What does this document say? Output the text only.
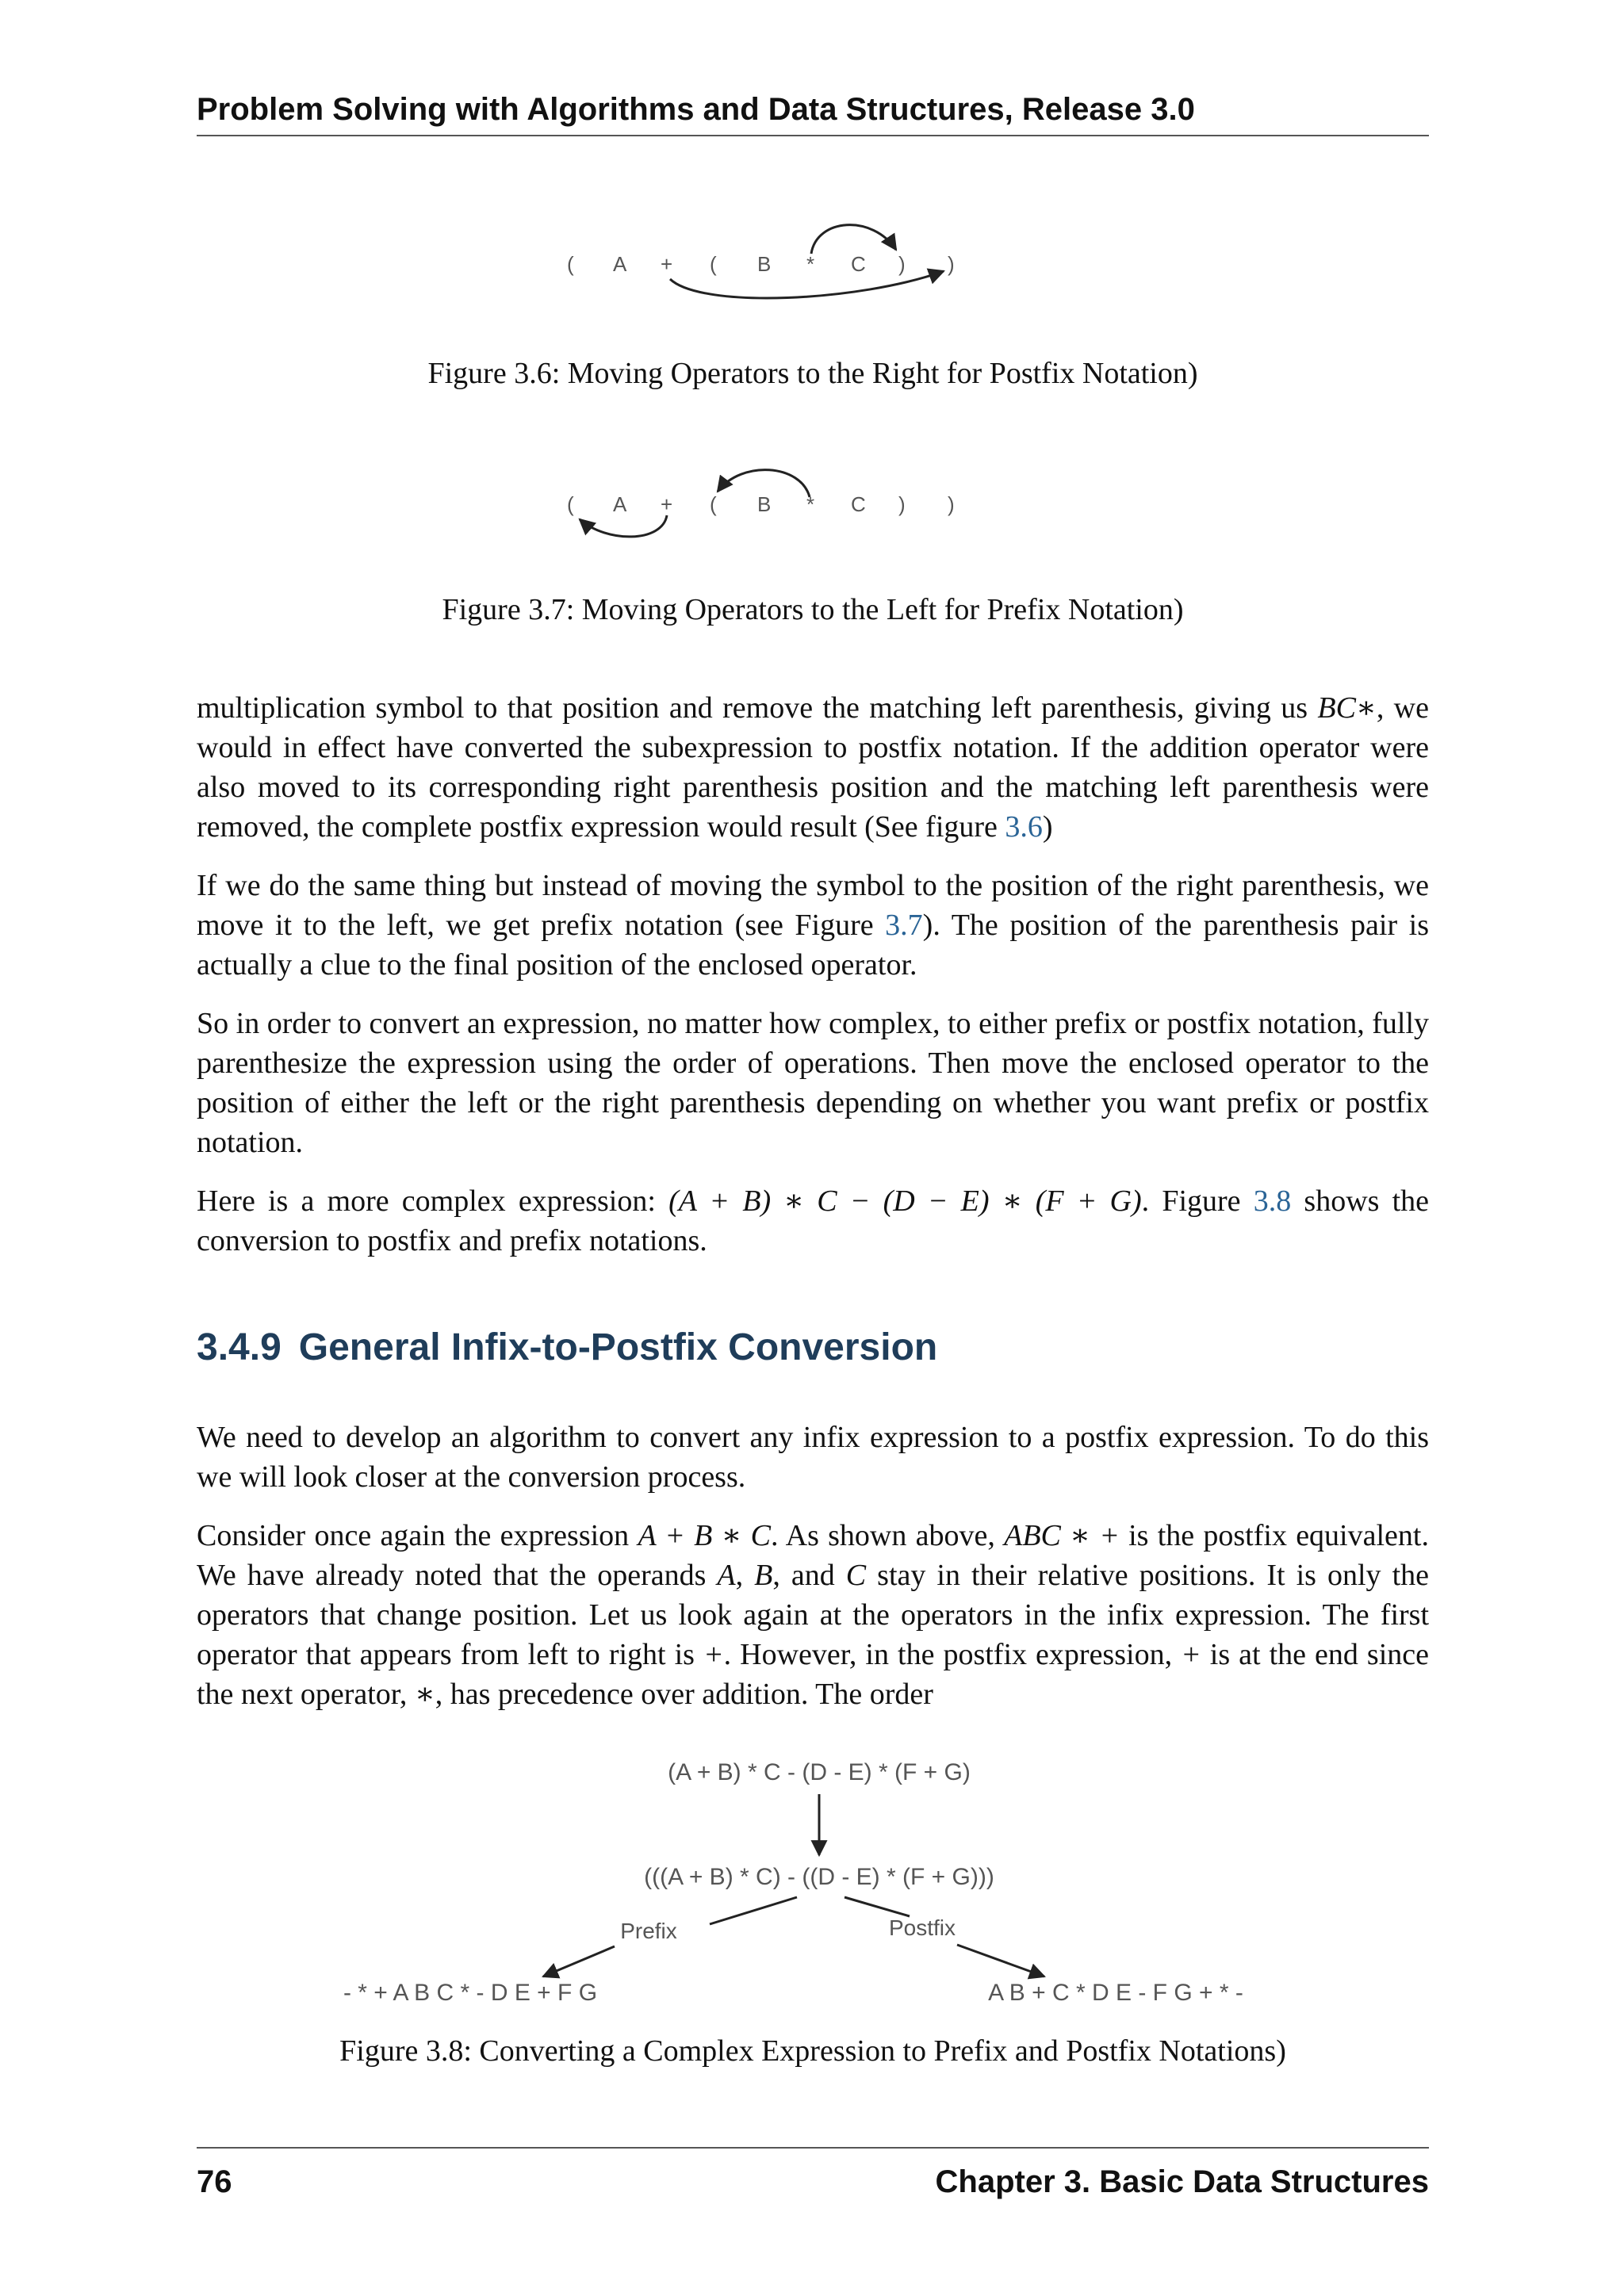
Problem Solving with Algorithms and Data Structures, Release 3.0
( A + ( B * C ) )
Figure 3.6: Moving Operators to the Right for Postfix Notation)
( A + ( B * C ) )
Figure 3.7: Moving Operators to the Left for Prefix Notation)

multiplication symbol to that position and remove the matching left parenthesis, giving us BC∗, we would in effect have converted the subexpression to postfix notation. If the addition operator were also moved to its corresponding right parenthesis position and the matching left parenthesis were removed, the complete postfix expression would result (See figure 3.6)

If we do the same thing but instead of moving the symbol to the position of the right parenthesis, we move it to the left, we get prefix notation (see Figure 3.7). The position of the parenthesis pair is actually a clue to the final position of the enclosed operator.

So in order to convert an expression, no matter how complex, to either prefix or postfix notation, fully parenthesize the expression using the order of operations. Then move the enclosed operator to the position of either the left or the right parenthesis depending on whether you want prefix or postfix notation.

Here is a more complex expression: (A + B) ∗ C − (D − E) ∗ (F + G). Figure 3.8 shows the conversion to postfix and prefix notations.

3.4.9 General Infix-to-Postfix Conversion

We need to develop an algorithm to convert any infix expression to a postfix expression. To do this we will look closer at the conversion process.

Consider once again the expression A + B ∗ C. As shown above, ABC ∗ + is the postfix equivalent. We have already noted that the operands A, B, and C stay in their relative positions. It is only the operators that change position. Let us look again at the operators in the infix expression. The first operator that appears from left to right is +. However, in the postfix expression, + is at the end since the next operator, ∗, has precedence over addition. The order

(A + B) * C - (D - E) * (F + G)
(((A + B) * C) - ((D - E) * (F + G)))
Prefix	Postfix
- * + A B C * - D E + F G	A B + C * D E - F G + * -
Figure 3.8: Converting a Complex Expression to Prefix and Postfix Notations)
76	Chapter 3. Basic Data Structures
